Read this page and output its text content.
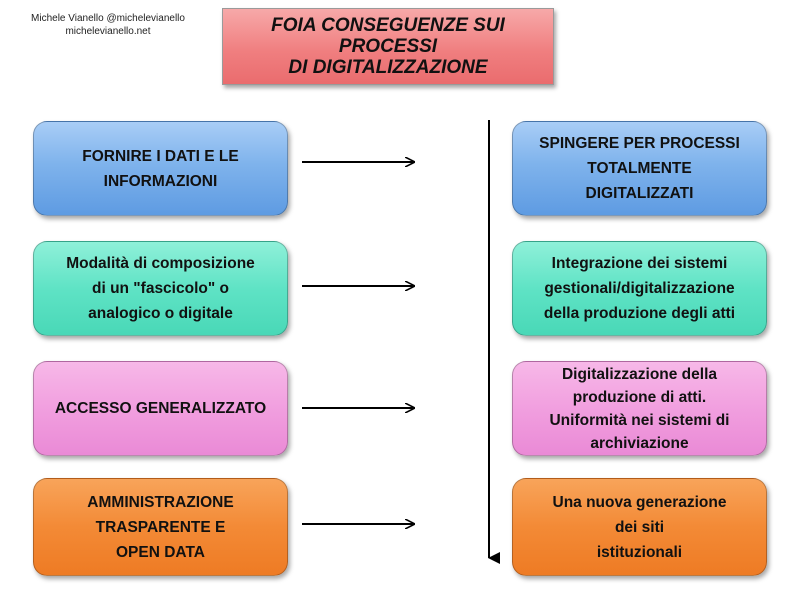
Michele Vianello @michelevianello
michelevianello.net	FOIA CONSEGUENZE SUI
PROCESSI
DI DIGITALIZZAZIONE
FORNIRE I DATI E LE
INFORMAZIONI
Modalità di composizione
di un "fascicolo" o
analogico o digitale
ACCESSO GENERALIZZATO
AMMINISTRAZIONE
TRASPARENTE E
OPEN DATA
SPINGERE PER PROCESSI
TOTALMENTE
DIGITALIZZATI
Integrazione dei sistemi
gestionali/digitalizzazione
della produzione degli atti
Digitalizzazione della
produzione di atti.
Uniformità nei sistemi di
archiviazione
Una nuova generazione
dei siti
istituzionali
